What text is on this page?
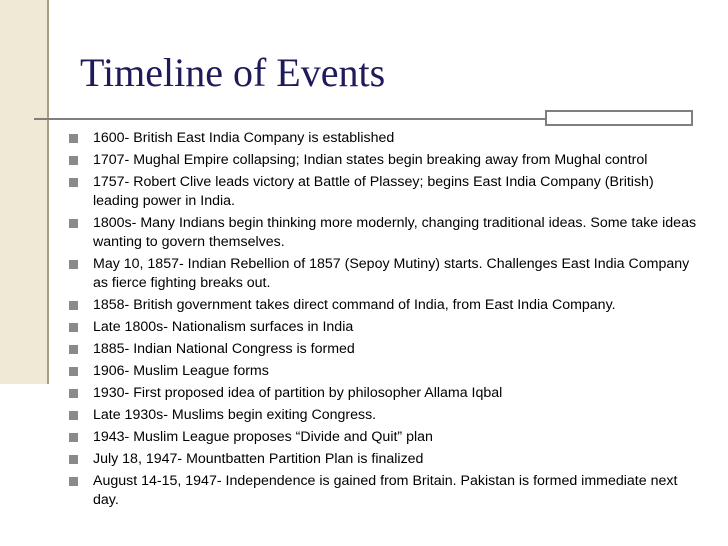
Timeline of Events
1600- British East India Company is established
1707- Mughal Empire collapsing; Indian states begin breaking away from Mughal control
1757- Robert Clive leads victory at Battle of Plassey; begins East India Company (British) leading power in India.
1800s- Many Indians begin thinking more modernly, changing traditional ideas. Some take ideas wanting to govern themselves.
May 10, 1857- Indian Rebellion of 1857 (Sepoy Mutiny) starts. Challenges East India Company as fierce fighting breaks out.
1858- British government takes direct command of India, from East India Company.
Late 1800s- Nationalism surfaces in India
1885- Indian National Congress is formed
1906- Muslim League forms
1930- First proposed idea of partition by philosopher Allama Iqbal
Late 1930s- Muslims begin exiting Congress.
1943- Muslim League proposes “Divide and Quit” plan
July 18, 1947- Mountbatten Partition Plan is finalized
August 14-15, 1947- Independence is gained from Britain. Pakistan is formed immediate next day.
